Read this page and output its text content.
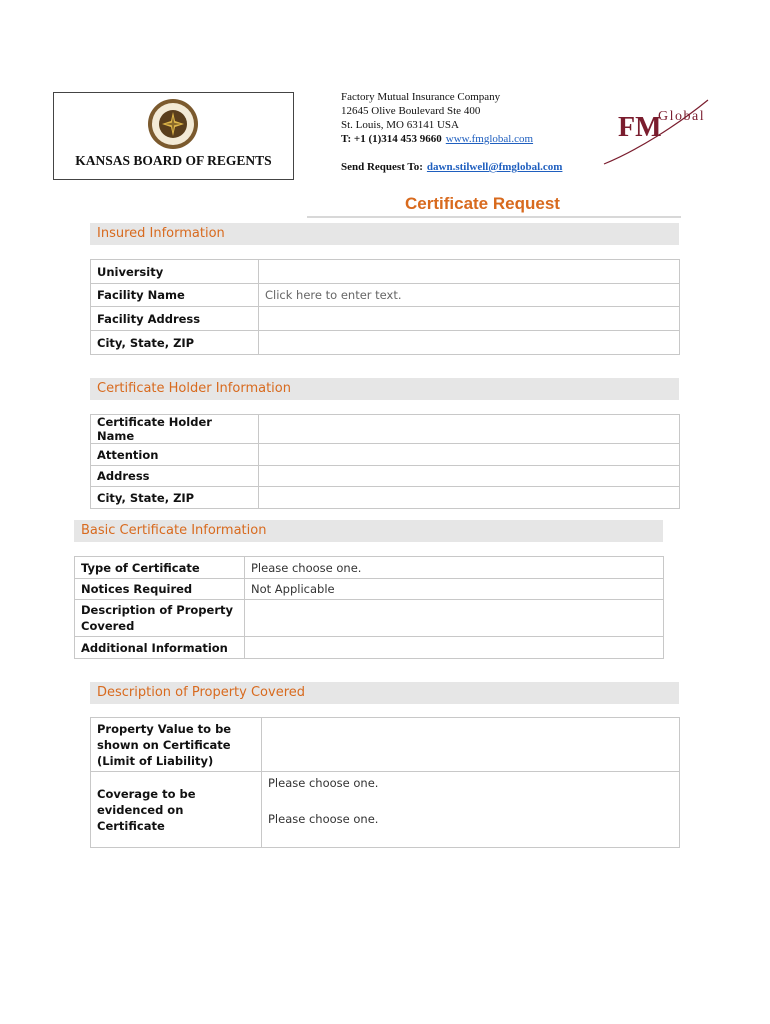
KANSAS BOARD OF REGENTS
Factory Mutual Insurance Company
12645 Olive Boulevard Ste 400
St. Louis, MO 63141 USA
T: +1 (1)314 453 9660 www.fmglobal.com
Send Request To: dawn.stilwell@fmglobal.com
FM
Global
Certificate Request
Insured Information
University	
Facility Name	Click here to enter text.
Facility Address	
City, State, ZIP	
Certificate Holder Information
Certificate Holder Name	
Attention	
Address	
City, State, ZIP	
Basic Certificate Information
Type of Certificate	Please choose one.
Notices Required	Not Applicable
Description of Property Covered	
Additional Information	
Description of Property Covered
Property Value to be shown on Certificate (Limit of Liability)	
Coverage to be evidenced on Certificate	Please choose one.
Please choose one.
